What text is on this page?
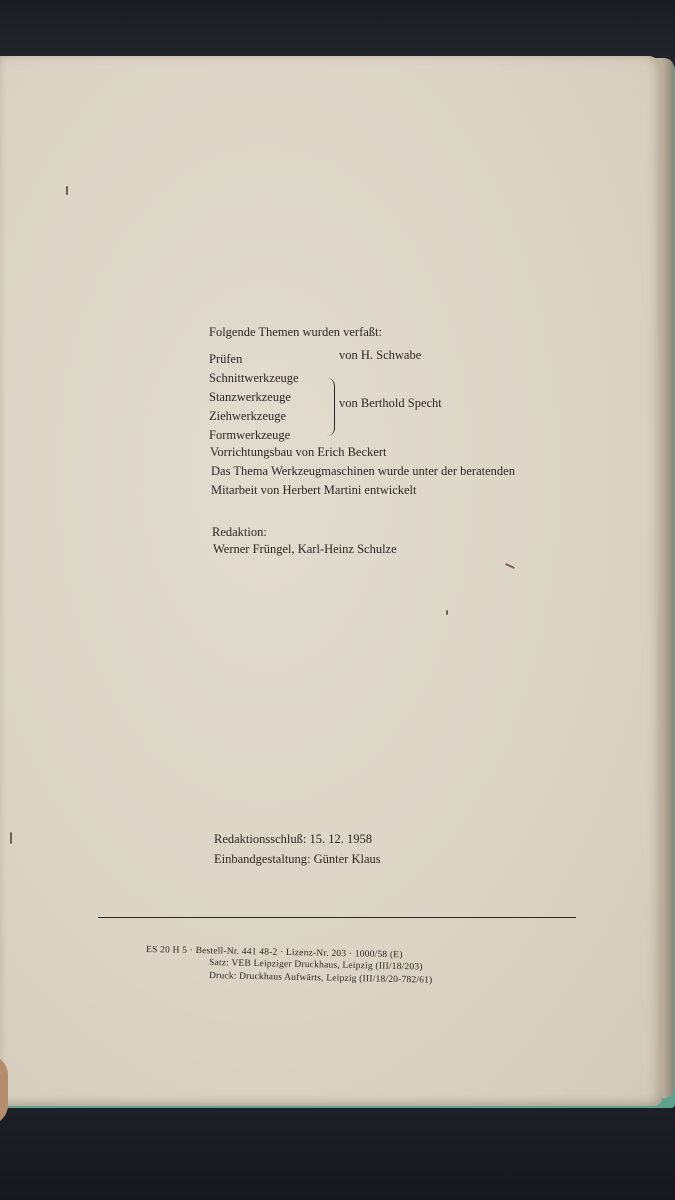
Folgende Themen wurden verfaßt:
Prüfen	von H. Schwabe
Schnittwerkzeuge
Stanzwerkzeuge
Ziehwerkzeuge
Formwerkzeuge
von Berthold Specht
Vorrichtungsbau von Erich Beckert
Das Thema Werkzeugmaschinen wurde unter der beratenden
Mitarbeit von Herbert Martini entwickelt
Redaktion:
Werner Früngel, Karl-Heinz Schulze
Redaktionsschluß: 15. 12. 1958
Einbandgestaltung: Günter Klaus
ES 20 H 5 · Bestell-Nr. 441 48-2 · Lizenz-Nr. 203 · 1000/58 (E)
Satz: VEB Leipziger Druckhaus, Leipzig (III/18/203)
Druck: Druckhaus Aufwärts, Leipzig (III/18/20-782/61)
